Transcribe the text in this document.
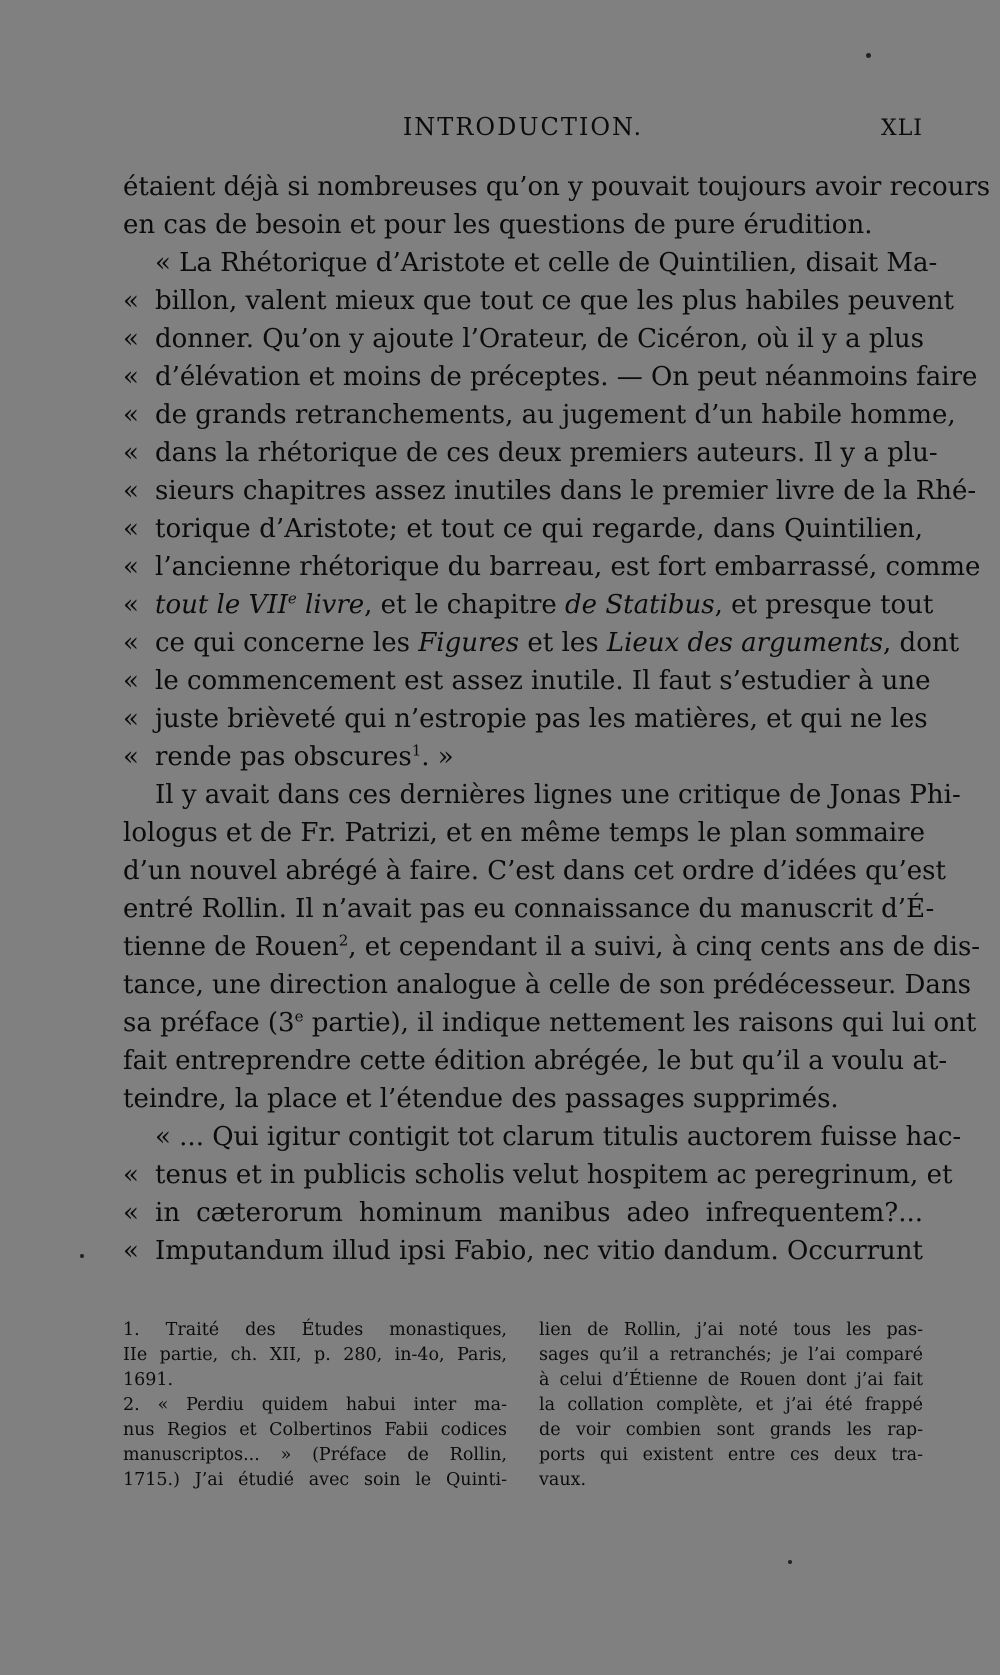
INTRODUCTION.	XLI
étaient déjà si nombreuses qu’on y pouvait toujours avoir recours
en cas de besoin et pour les questions de pure érudition.
« La Rhétorique d’Aristote et celle de Quintilien, disait Ma-
« billon, valent mieux que tout ce que les plus habiles peuvent
« donner. Qu’on y ajoute l’Orateur, de Cicéron, où il y a plus
« d’élévation et moins de préceptes. — On peut néanmoins faire
« de grands retranchements, au jugement d’un habile homme,
« dans la rhétorique de ces deux premiers auteurs. Il y a plu-
« sieurs chapitres assez inutiles dans le premier livre de la Rhé-
« torique d’Aristote; et tout ce qui regarde, dans Quintilien,
« l’ancienne rhétorique du barreau, est fort embarrassé, comme
« tout le VIIe livre, et le chapitre de Statibus, et presque tout
« ce qui concerne les Figures et les Lieux des arguments, dont
« le commencement est assez inutile. Il faut s’estudier à une
« juste brièveté qui n’estropie pas les matières, et qui ne les
« rende pas obscures$^1$. »
Il y avait dans ces dernières lignes une critique de Jonas Phi-
lologus et de Fr. Patrizi, et en même temps le plan sommaire
d’un nouvel abrégé à faire. C’est dans cet ordre d’idées qu’est
entré Rollin. Il n’avait pas eu connaissance du manuscrit d’É-
tienne de Rouen$^2$, et cependant il a suivi, à cinq cents ans de dis-
tance, une direction analogue à celle de son prédécesseur. Dans
sa préface (3e partie), il indique nettement les raisons qui lui ont
fait entreprendre cette édition abrégée, le but qu’il a voulu at-
teindre, la place et l’étendue des passages supprimés.
« ... Qui igitur contigit tot clarum titulis auctorem fuisse hac-
« tenus et in publicis scholis velut hospitem ac peregrinum, et
« in cæterorum hominum manibus adeo infrequentem?...
« Imputandum illud ipsi Fabio, nec vitio dandum. Occurrunt
1. Traité des Études monastiques,
IIe partie, ch. XII, p. 280, in-4o, Paris,
1691.
2. « Perdiu quidem habui inter ma-
nus Regios et Colbertinos Fabii codices
manuscriptos... » (Préface de Rollin,
1715.) J’ai étudié avec soin le Quinti-
lien de Rollin, j’ai noté tous les pas-
sages qu’il a retranchés; je l’ai comparé
à celui d’Étienne de Rouen dont j’ai fait
la collation complète, et j’ai été frappé
de voir combien sont grands les rap-
ports qui existent entre ces deux tra-
vaux.
